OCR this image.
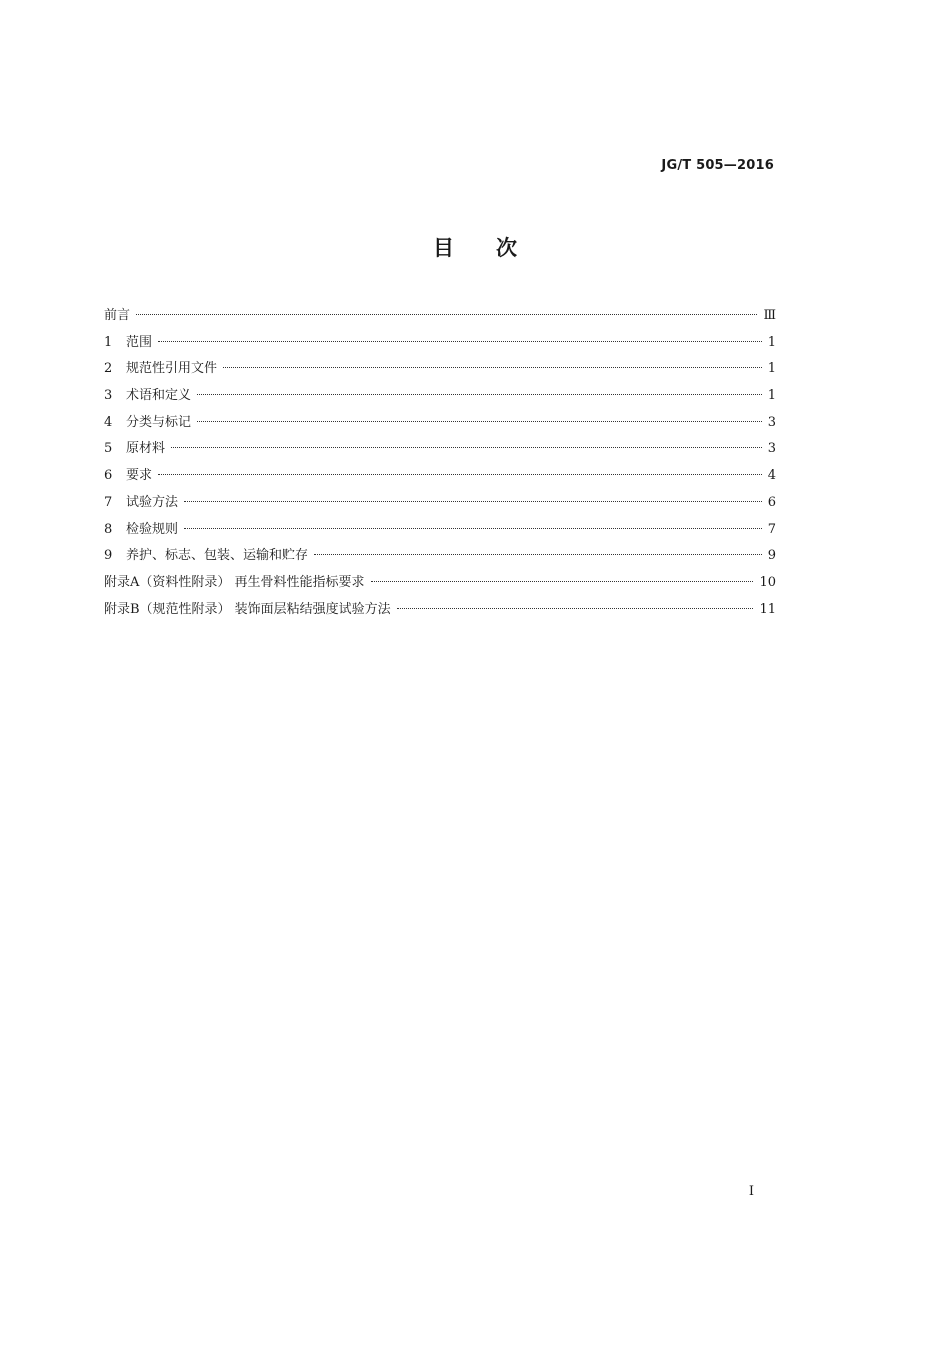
JG/T 505—2016
目次
前言	Ⅲ
1	范围	1
2	规范性引用文件	1
3	术语和定义	1
4	分类与标记	3
5	原材料	3
6	要求	4
7	试验方法	6
8	检验规则	7
9	养护、标志、包装、运输和贮存	9
附录A（资料性附录） 再生骨料性能指标要求	10
附录B（规范性附录） 装饰面层粘结强度试验方法	11
I
